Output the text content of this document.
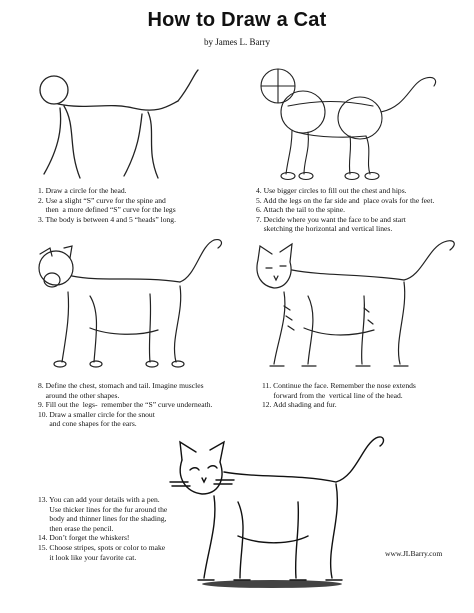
How to Draw a Cat
by James L. Barry
1. Draw a circle for the head.
2. Use a slight “S” curve for the spine and
then  a more defined “S” curve for the legs
3. The body is between 4 and 5 “heads” long.
4. Use bigger circles to fill out the chest and hips.
5. Add the legs on the far side and  place ovals for the feet.
6. Attach the tail to the spine.
7. Decide where you want the face to be and start
sketching the horizontal and vertical lines.
8. Define the chest, stomach and tail. Imagine muscles
around the other shapes.
9. Fill out the  legs-  remember the “S” curve underneath.
10. Draw a smaller circle for the snout
and cone shapes for the ears.
11. Continue the face. Remember the nose extends
forward from the  vertical line of the head.
12. Add shading and fur.
13. You can add your details with a pen.
Use thicker lines for the fur around the
body and thinner lines for the shading,
then erase the pencil.
14. Don’t forget the whiskers!
15. Choose stripes, spots or color to make
it look like your favorite cat.	www.JLBarry.com
